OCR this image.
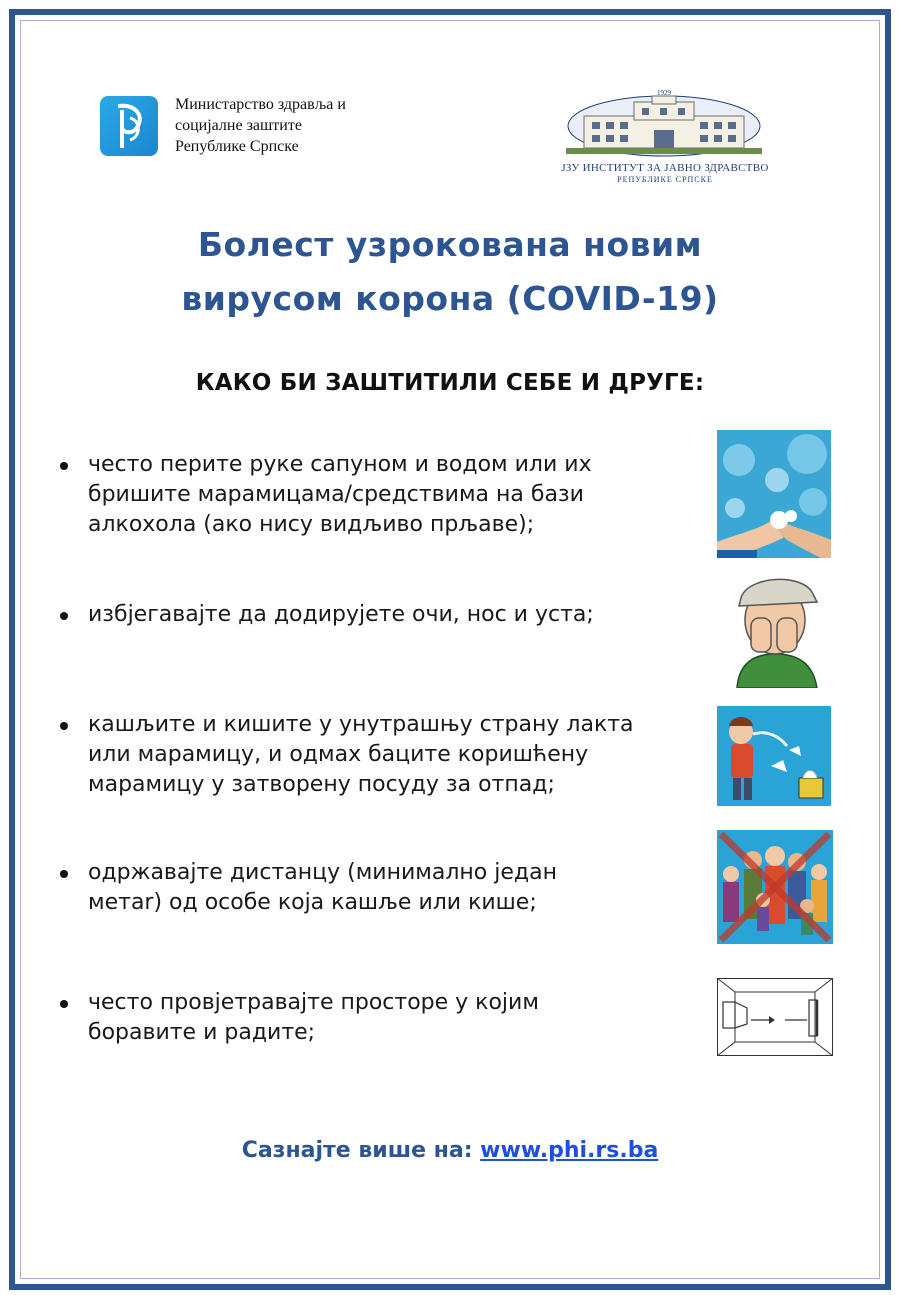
Министарство здравља и
социјалне заштите
Републике Српске
1929
ЈЗУ ИНСТИТУТ ЗА ЈАВНО ЗДРАВСТВО
РЕПУБЛИКЕ СРПСКЕ
Болест узрокована новим
вирусом корона (COVID-19)
КАКО БИ ЗАШТИТИЛИ СЕБЕ И ДРУГЕ:
често перите руке сапуном и водом или их
бришите марамицама/средствима на бази
алкохола (ако нису видљиво прљаве);
избјегавајте да додирујете очи, нос и уста;
кашљите и кишите у унутрашњу страну лакта
или марамицу, и одмах баците коришћену
марамицу у затворену посуду за отпад;
одржавајте дистанцу (минимално један
метаr) од особе која кашље или кише;
често провјетравајте просторе у којим
боравите и радите;
Сазнајте више на: www.phi.rs.ba
